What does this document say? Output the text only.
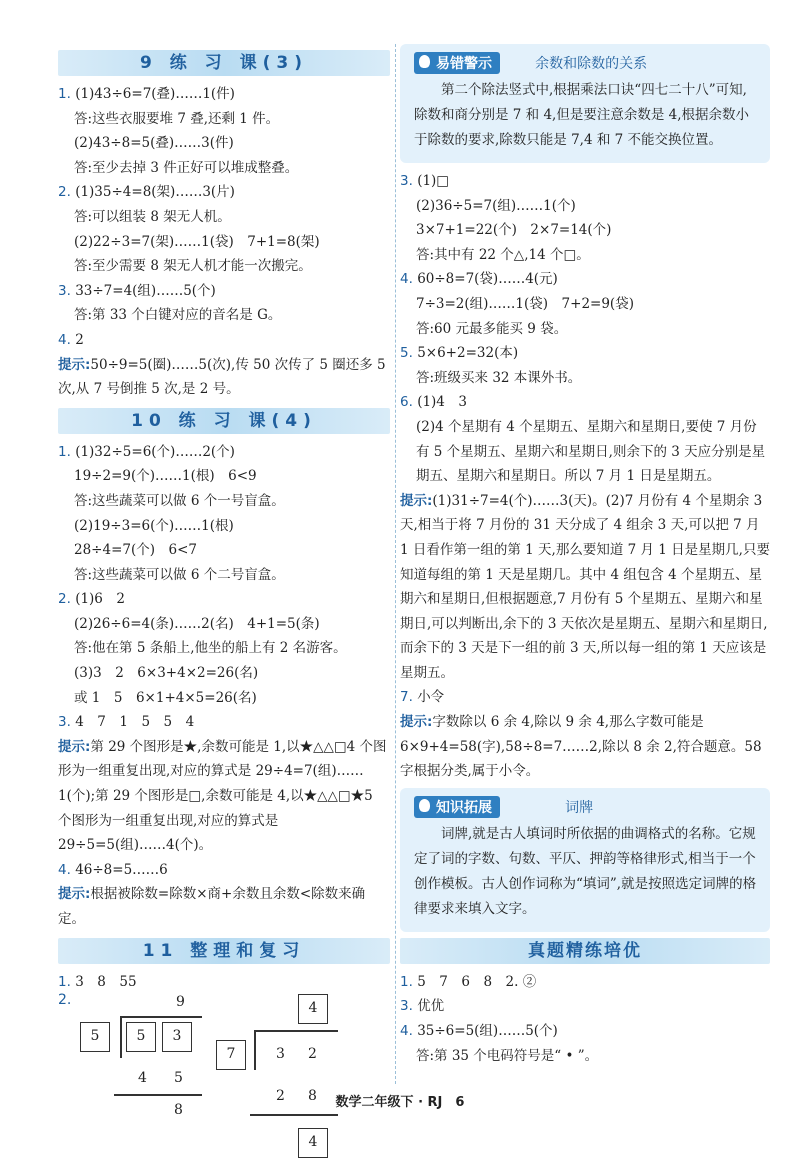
9 练 习 课(3)
1. (1)43÷6=7(叠)……1(件)
答:这些衣服要堆 7 叠,还剩 1 件。
(2)43÷8=5(叠)……3(件)
答:至少去掉 3 件正好可以堆成整叠。
2. (1)35÷4=8(架)……3(片)
答:可以组装 8 架无人机。
(2)22÷3=7(架)……1(袋)　7+1=8(架)
答:至少需要 8 架无人机才能一次搬完。
3. 33÷7=4(组)……5(个)
答:第 33 个白键对应的音名是 G。
4. 2
提示:50÷9=5(圈)……5(次),传 50 次传了 5 圈还多 5 次,从 7 号倒推 5 次,是 2 号。
10 练 习 课(4)
1. (1)32÷5=6(个)……2(个)
19÷2=9(个)……1(根)　6<9
答:这些蔬菜可以做 6 个一号盲盒。
(2)19÷3=6(个)……1(根)
28÷4=7(个)　6<7
答:这些蔬菜可以做 6 个二号盲盒。
2. (1)6　2
(2)26÷6=4(条)……2(名)　4+1=5(条)
答:他在第 5 条船上,他坐的船上有 2 名游客。
(3)3　2　6×3+4×2=26(名)
或 1　5　6×1+4×5=26(名)
3. 4　7　1　5　5　4
提示:第 29 个图形是★,余数可能是 1,以★△△□4 个图形为一组重复出现,对应的算式是 29÷4=7(组)……1(个);第 29 个图形是□,余数可能是 4,以★△△□★5 个图形为一组重复出现,对应的算式是 29÷5=5(组)……4(个)。
4. 46÷8=5……6
提示:根据被除数=除数×商+余数且余数<除数来确定。
11 整理和复习
1. 3　8　55
2.	9
5	5	3
4 5
8
4
7	3 2
2 8
4
易错警示	余数和除数的关系
第二个除法竖式中,根据乘法口诀“四七二十八”可知,除数和商分别是 7 和 4,但是要注意余数是 4,根据余数小于除数的要求,除数只能是 7,4 和 7 不能交换位置。
3. (1)□
(2)36÷5=7(组)……1(个)
3×7+1=22(个)　2×7=14(个)
答:其中有 22 个△,14 个□。
4. 60÷8=7(袋)……4(元)
7÷3=2(组)……1(袋)　7+2=9(袋)
答:60 元最多能买 9 袋。
5. 5×6+2=32(本)
答:班级买来 32 本课外书。
6. (1)4　3
(2)4 个星期有 4 个星期五、星期六和星期日,要使 7 月份有 5 个星期五、星期六和星期日,则余下的 3 天应分别是星期五、星期六和星期日。所以 7 月 1 日是星期五。
提示:(1)31÷7=4(个)……3(天)。(2)7 月份有 4 个星期余 3 天,相当于将 7 月份的 31 天分成了 4 组余 3 天,可以把 7 月 1 日看作第一组的第 1 天,那么要知道 7 月 1 日是星期几,只要知道每组的第 1 天是星期几。其中 4 组包含 4 个星期五、星期六和星期日,但根据题意,7 月份有 5 个星期五、星期六和星期日,可以判断出,余下的 3 天依次是星期五、星期六和星期日,而余下的 3 天是下一组的前 3 天,所以每一组的第 1 天应该是星期五。
7. 小令
提示:字数除以 6 余 4,除以 9 余 4,那么字数可能是 6×9+4=58(字),58÷8=7……2,除以 8 余 2,符合题意。58 字根据分类,属于小令。
知识拓展	词牌
词牌,就是古人填词时所依据的曲调格式的名称。它规定了词的字数、句数、平仄、押韵等格律形式,相当于一个创作模板。古人创作词称为“填词”,就是按照选定词牌的格律要求来填入文字。
真题精练培优
1. 5　7　6　8　2. ②
3. 优优
4. 35÷6=5(组)……5(个)
答:第 35 个电码符号是“ • ”。
数学二年级下 · RJ　6
